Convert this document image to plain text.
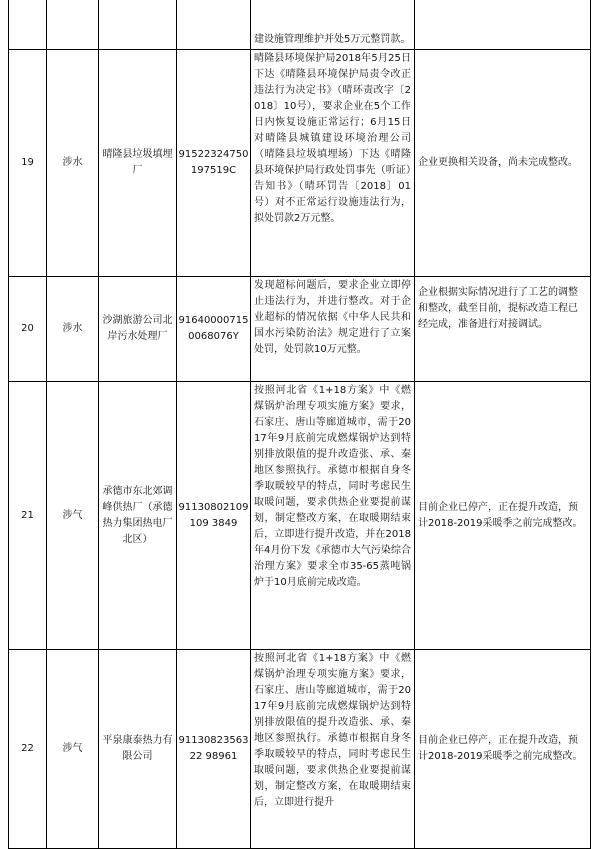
				建设施管理维护并处5万元整罚款。	

19	涉水	晴隆县垃圾填埋厂	91522324750197519C	晴隆县环境保护局2018年5月25日下达《晴隆县环境保护局责令改正违法行为决定书》（晴环责改字〔2018〕10号），要求企业在5个工作日内恢复设施正常运行；6月15日对晴隆县城镇建设环境治理公司（晴隆县垃圾填埋场）下达《晴隆县环境保护局行政处罚事先（听证）告知书》（晴环罚告〔2018〕01号）对不正常运行设施违法行为，拟处罚款2万元整。	企业更换相关设备，尚未完成整改。
20	涉水	沙湖旅游公司北岸污水处理厂	916400007150068076Y	发现超标问题后，要求企业立即停止违法行为，并进行整改。对于企业超标的情况依据《中华人民共和国水污染防治法》规定进行了立案处罚，处罚款10万元整。	企业根据实际情况进行了工艺的调整和整改，截至目前，提标改造工程已经完成，准备进行对接调试。
21	涉气	承德市东北郊调峰供热厂（承德热力集团热电厂北区）	91130802109109 3849	按照河北省《1+18方案》中《燃煤锅炉治理专项实施方案》要求，石家庄、唐山等廊道城市，需于2017年9月底前完成燃煤锅炉达到特别排放限值的提升改造张、承、秦地区参照执行。承德市根据自身冬季取暖较早的特点，同时考虑民生取暖问题，要求供热企业要提前谋划，制定整改方案，在取暖期结束后，立即进行提升改造，并在2018年4月份下发《承德市大气污染综合治理方案》要求全市35-65蒸吨锅炉于10月底前完成改造。	目前企业已停产，正在提升改造，预计2018-2019采暖季之前完成整改。
22	涉气	平泉康泰热力有限公司	9113082356322 98961	按照河北省《1+18方案》中《燃煤锅炉治理专项实施方案》要求，石家庄、唐山等廊道城市，需于2017年9月底前完成燃煤锅炉达到特别排放限值的提升改造张、承、秦地区参照执行。承德市根据自身冬季取暖较早的特点，同时考虑民生取暖问题，要求供热企业要提前谋划，制定整改方案，在取暖期结束后，立即进行提升	目前企业已停产，正在提升改造，预计2018-2019采暖季之前完成整改。
